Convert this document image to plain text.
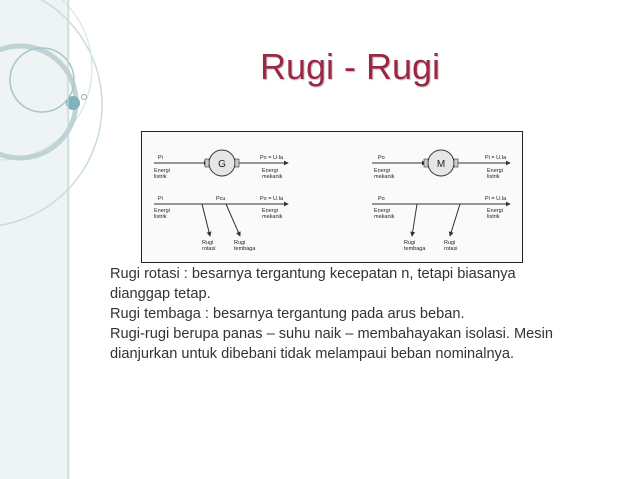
Rugi - Rugi
G
Pi
Energi
listrik
Po = U.Ia
Energi
mekanik
Pi
Energi
listrik
Pcu	Po = U.Ia
Energi
mekanik
Rugi
rotasi
Rugi
tembaga
M
Po
Energi
mekanik
Pi = U.Ia
Energi
listrik
Po
Energi
mekanik
Pi = U.Ia
Energi
listrik
Rugi
tembaga
Rugi
rotasi

Rugi rotasi : besarnya tergantung kecepatan n, tetapi biasanya

dianggap tetap.

Rugi tembaga : besarnya tergantung pada arus beban.

Rugi-rugi berupa panas – suhu naik – membahayakan isolasi. Mesin

dianjurkan untuk dibebani tidak melampaui beban nominalnya.
